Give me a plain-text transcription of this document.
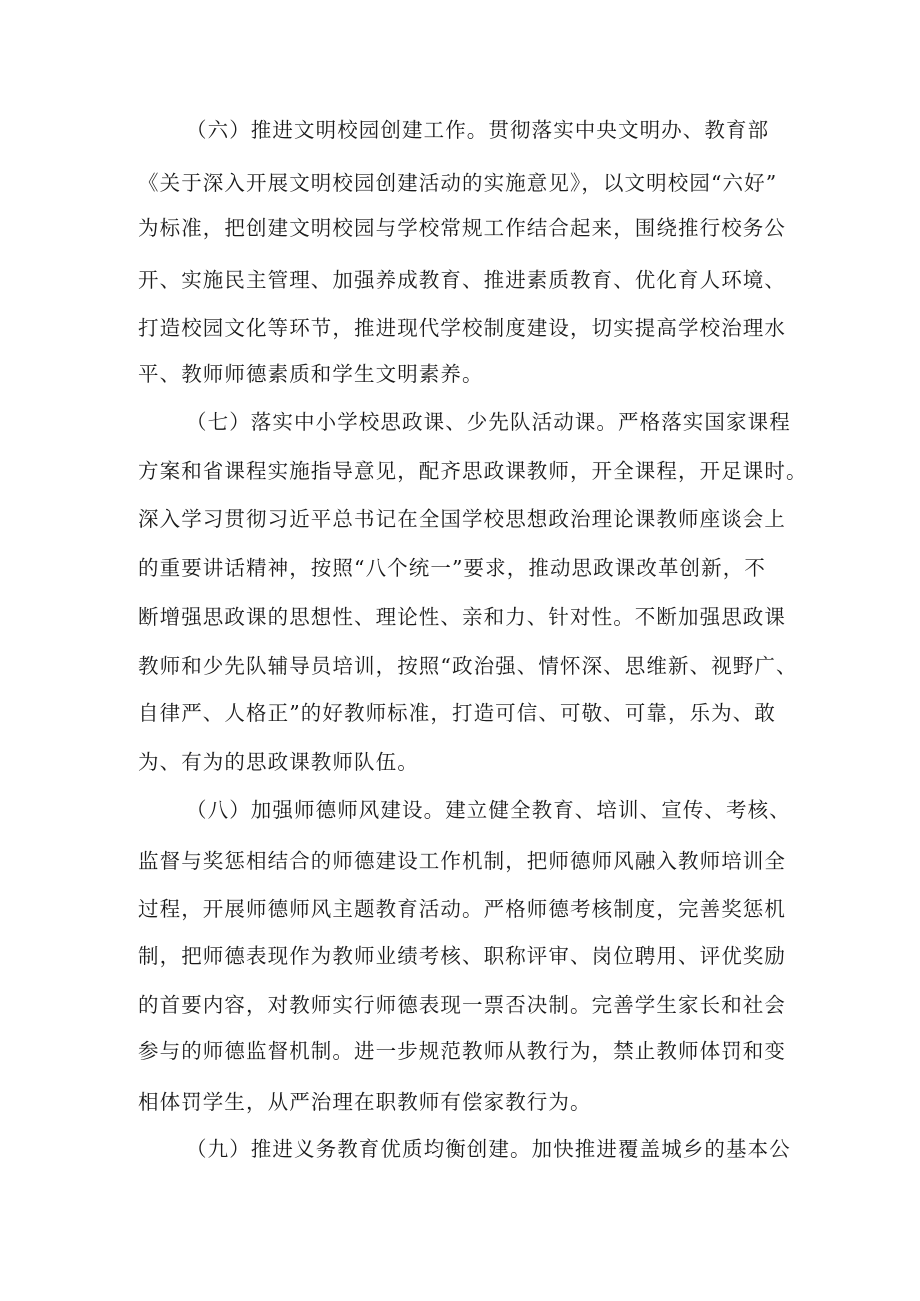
（六）推进文明校园创建工作。贯彻落实中央文明办、教育部
《关于深入开展文明校园创建活动的实施意见》，以文明校园“六好”
为标准，把创建文明校园与学校常规工作结合起来，围绕推行校务公
开、实施民主管理、加强养成教育、推进素质教育、优化育人环境、
打造校园文化等环节，推进现代学校制度建设，切实提高学校治理水
平、教师师德素质和学生文明素养。
（七）落实中小学校思政课、少先队活动课。严格落实国家课程
方案和省课程实施指导意见，配齐思政课教师，开全课程，开足课时。
深入学习贯彻习近平总书记在全国学校思想政治理论课教师座谈会上
的重要讲话精神，按照“八个统一”要求，推动思政课改革创新，不
断增强思政课的思想性、理论性、亲和力、针对性。不断加强思政课
教师和少先队辅导员培训，按照“政治强、情怀深、思维新、视野广、
自律严、人格正”的好教师标准，打造可信、可敬、可靠，乐为、敢
为、有为的思政课教师队伍。
（八）加强师德师风建设。建立健全教育、培训、宣传、考核、
监督与奖惩相结合的师德建设工作机制，把师德师风融入教师培训全
过程，开展师德师风主题教育活动。严格师德考核制度，完善奖惩机
制，把师德表现作为教师业绩考核、职称评审、岗位聘用、评优奖励
的首要内容，对教师实行师德表现一票否决制。完善学生家长和社会
参与的师德监督机制。进一步规范教师从教行为，禁止教师体罚和变
相体罚学生，从严治理在职教师有偿家教行为。
（九）推进义务教育优质均衡创建。加快推进覆盖城乡的基本公
